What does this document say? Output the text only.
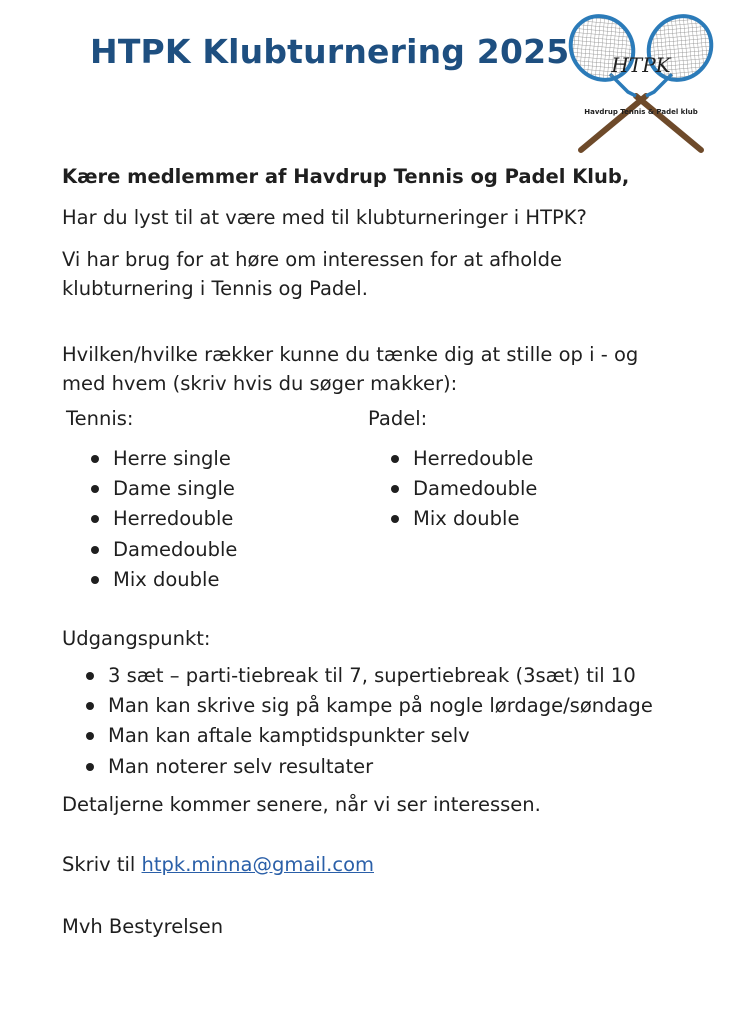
HTPK Klubturnering 2025 HTPK
Havdrup Tennis & Padel klub

Kære medlemmer af Havdrup Tennis og Padel Klub,

Har du lyst til at være med til klubturneringer i HTPK?

Vi har brug for at høre om interessen for at afholde klubturnering i Tennis og Padel.

Hvilken/hvilke rækker kunne du tænke dig at stille op i - og med hvem (skriv hvis du søger makker):

Tennis:	Padel:
Herre single
Dame single
Herredouble
Damedouble
Mix double
Herredouble
Damedouble
Mix double

Udgangspunkt:

3 sæt – parti-tiebreak til 7, supertiebreak (3sæt) til 10
Man kan skrive sig på kampe på nogle lørdage/søndage
Man kan aftale kamptidspunkter selv
Man noterer selv resultater

Detaljerne kommer senere, når vi ser interessen.

Skriv til htpk.minna@gmail.com

Mvh Bestyrelsen
